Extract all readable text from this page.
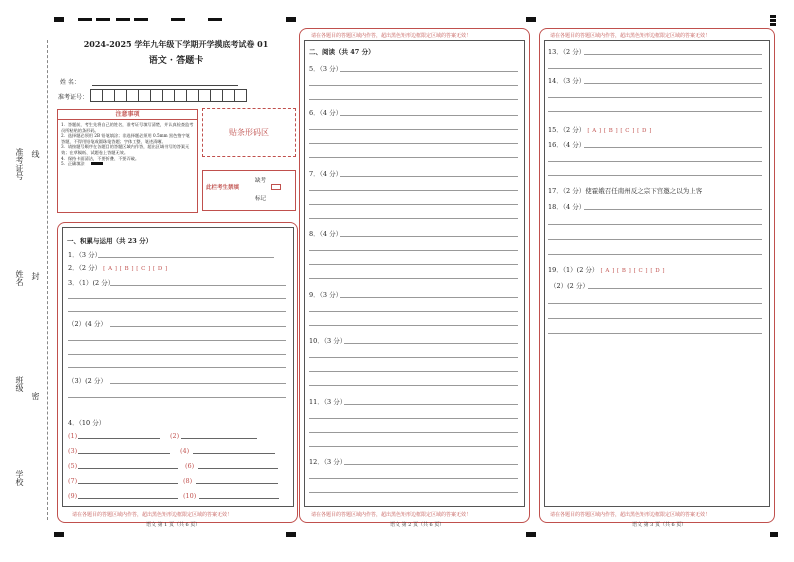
准考证号 线
姓名 封
班级
密
学校
2024-2025 学年九年级下学期开学摸底考试卷 01
语文 · 答题卡
姓 名：
准考证号：
注意事项
1．答题前，考生先将自己的姓名，准考证号填写清楚，并认真检查监考员所粘贴的条形码。
2．选择题必须用 2B 铅笔填涂；非选择题必须用 0.5mm 黑色签字笔答题，不得用铅笔或圆珠笔答题；字体工整、笔迹清晰。
3．请按题号顺序在各题目的答题区域内作答，超出区域书写的答案无效；在草稿纸、试题卷上答题无效。
4．保持卡面清洁，不要折叠、不要弄破。
5．正确填涂
贴条形码区
此栏考生禁填
缺考
标记
请在各题目的答题区域内作答，超出黑色矩形边框限定区域的答案无效！
一、积累与运用（共 23 分）
1．（3 分）
2．（2 分） [ A ] [ B ] [ C ] [ D ]
3．（1）(2 分）
（2）(4 分）
（3）(2 分）
4．（10 分）
(1)	(2)
(3)	(4)
(5)	(6)
(7)	(8)
(9)	(10)
语文 第 1 页（共 6 页）
请在各题目的答题区域内作答，超出黑色矩形边框限定区域的答案无效！
请在各题目的答题区域内作答，超出黑色矩形边框限定区域的答案无效！
二、阅读（共 47 分）
5．（3 分）
6．（4 分）
7．（4 分）
8．（4 分）
9．（3 分）
10．（3 分）
11．（3 分）
12．（3 分）
语文 第 2 页（共 6 页）
请在各题目的答题区域内作答，超出黑色矩形边框限定区域的答案无效！
请在各题目的答题区域内作答，超出黑色矩形边框限定区域的答案无效！
13．（2 分）
14．（3 分）
15．（2 分） [ A ] [ B ] [ C ] [ D ]
16．（4 分）
17．（2 分）使霍娥召任南州反之宗下宫邀之以为上客
18．（4 分）
19．（1）(2 分） [ A ] [ B ] [ C ] [ D ]
（2）(2 分）
语文 第 3 页（共 6 页）
